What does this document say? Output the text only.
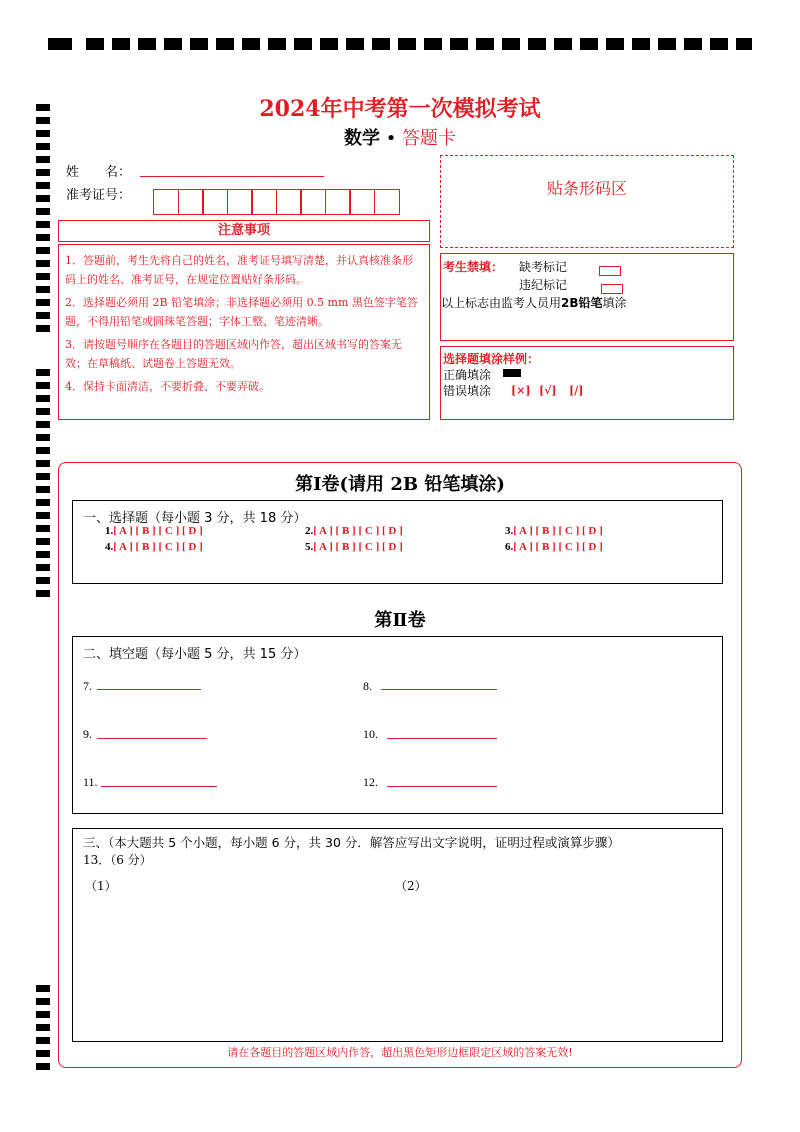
2024年中考第一次模拟考试
数学 • 答题卡
姓　　名：
准考证号：	贴条形码区
注意事项

1．答题前，考生先将自己的姓名，准考证号填写清楚，并认真核准条形码上的姓名、准考证号，在规定位置贴好条形码。

2．选择题必须用 2B 铅笔填涂；非选择题必须用 0.5 mm 黑色签字笔答题，不得用铅笔或圆珠笔答题；字体工整、笔迹清晰。

3．请按题号顺序在各题目的答题区域内作答，超出区域书写的答案无效；在草稿纸、试题卷上答题无效。

4．保持卡面清洁，不要折叠、不要弄破。

考生禁填： 缺考标记
违纪标记
以上标志由监考人员用2B铅笔填涂
选择题填涂样例：
正确填涂
错误填涂 [×] [√] [/]
第Ⅰ卷(请用 2B 铅笔填涂)
一、选择题（每小题 3 分，共 18 分）
1.[ A ] [ B ] [ C ] [ D ]	2.[ A ] [ B ] [ C ] [ D ]	3.[ A ] [ B ] [ C ] [ D ]
4.[ A ] [ B ] [ C ] [ D ]	5.[ A ] [ B ] [ C ] [ D ]	6.[ A ] [ B ] [ C ] [ D ]
第Ⅱ卷
二、填空题（每小题 5 分，共 15 分）
7.	8.
9.	10.
11.	12.
三、（本大题共 5 个小题，每小题 6 分，共 30 分．解答应写出文字说明，证明过程或演算步骤）
13．（6 分）
（1）	（2）
请在各题目的答题区域内作答，超出黑色矩形边框限定区域的答案无效!
